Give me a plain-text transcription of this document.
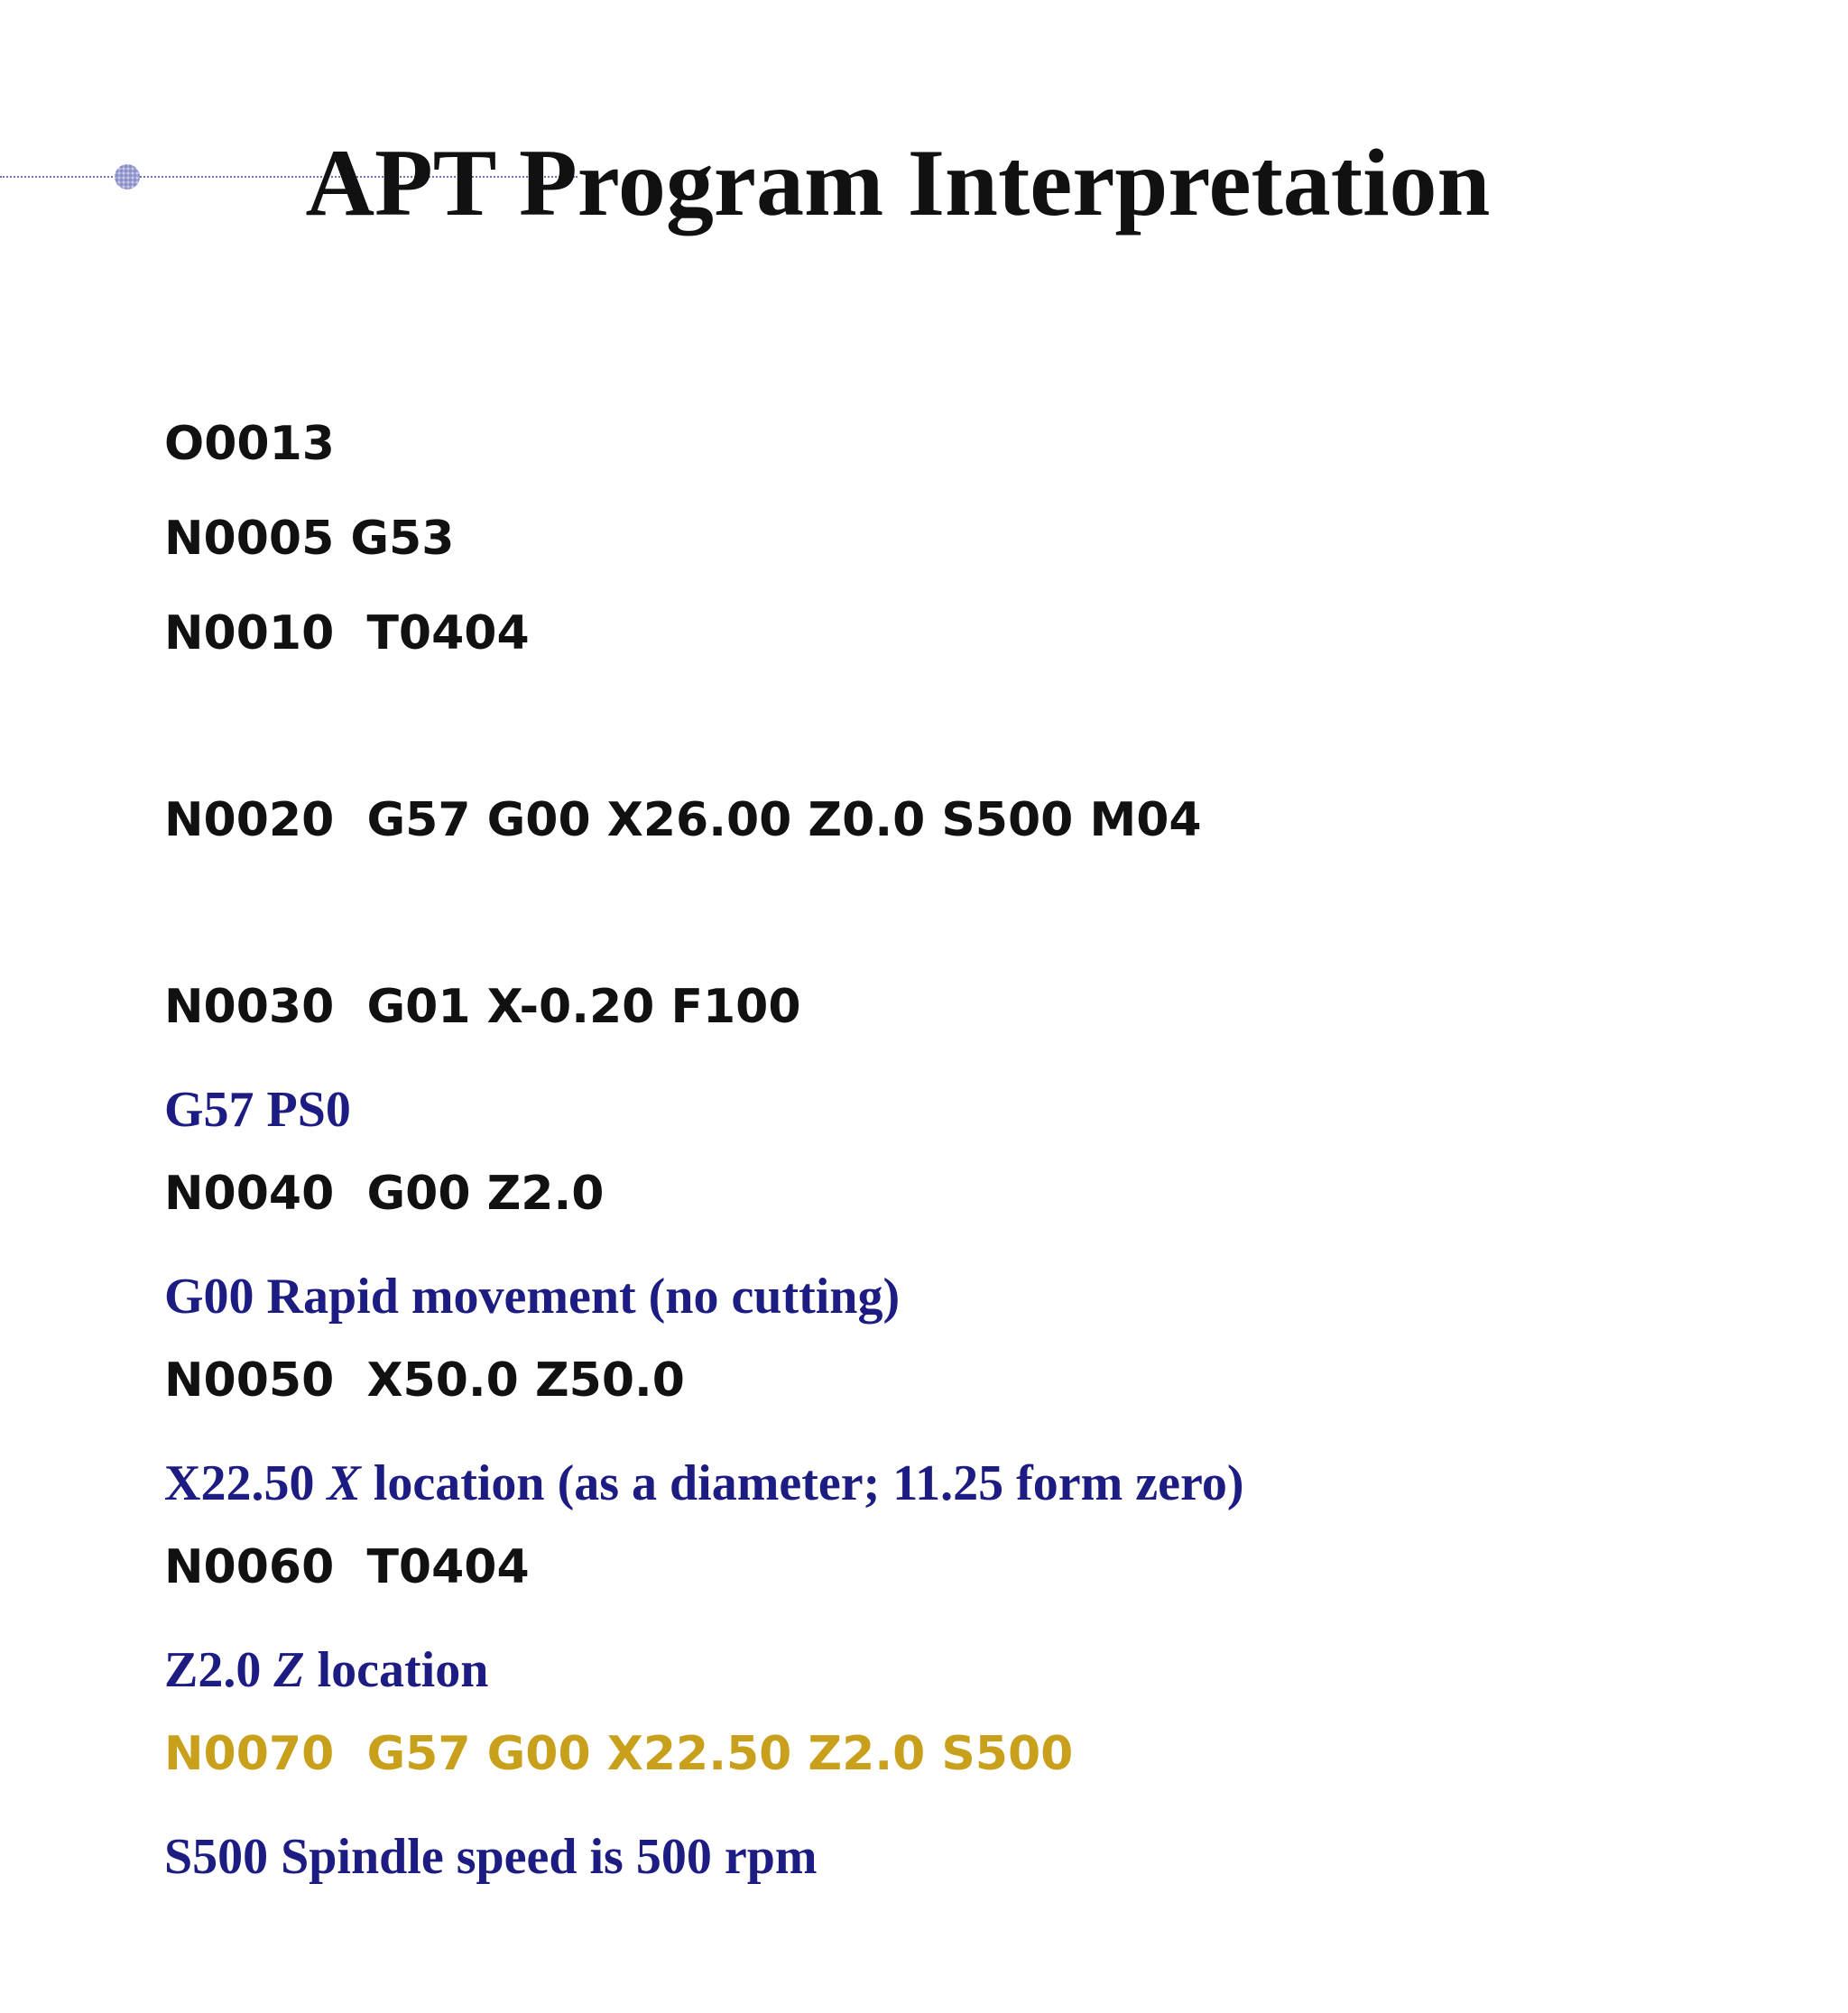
APT Program Interpretation

O0013

N0005 G53

N0010  T0404

N0020  G57 G00 X26.00 Z0.0 S500 M04

N0030  G01 X-0.20 F100

N0040  G00 Z2.0

N0050  X50.0 Z50.0

N0060  T0404

N0070  G57 G00 X22.50 Z2.0 S500

G57 PS0

G00 Rapid movement (no cutting)

X22.50 X location (as a diameter; 11.25 form zero)

Z2.0 Z location

S500 Spindle speed is 500 rpm
